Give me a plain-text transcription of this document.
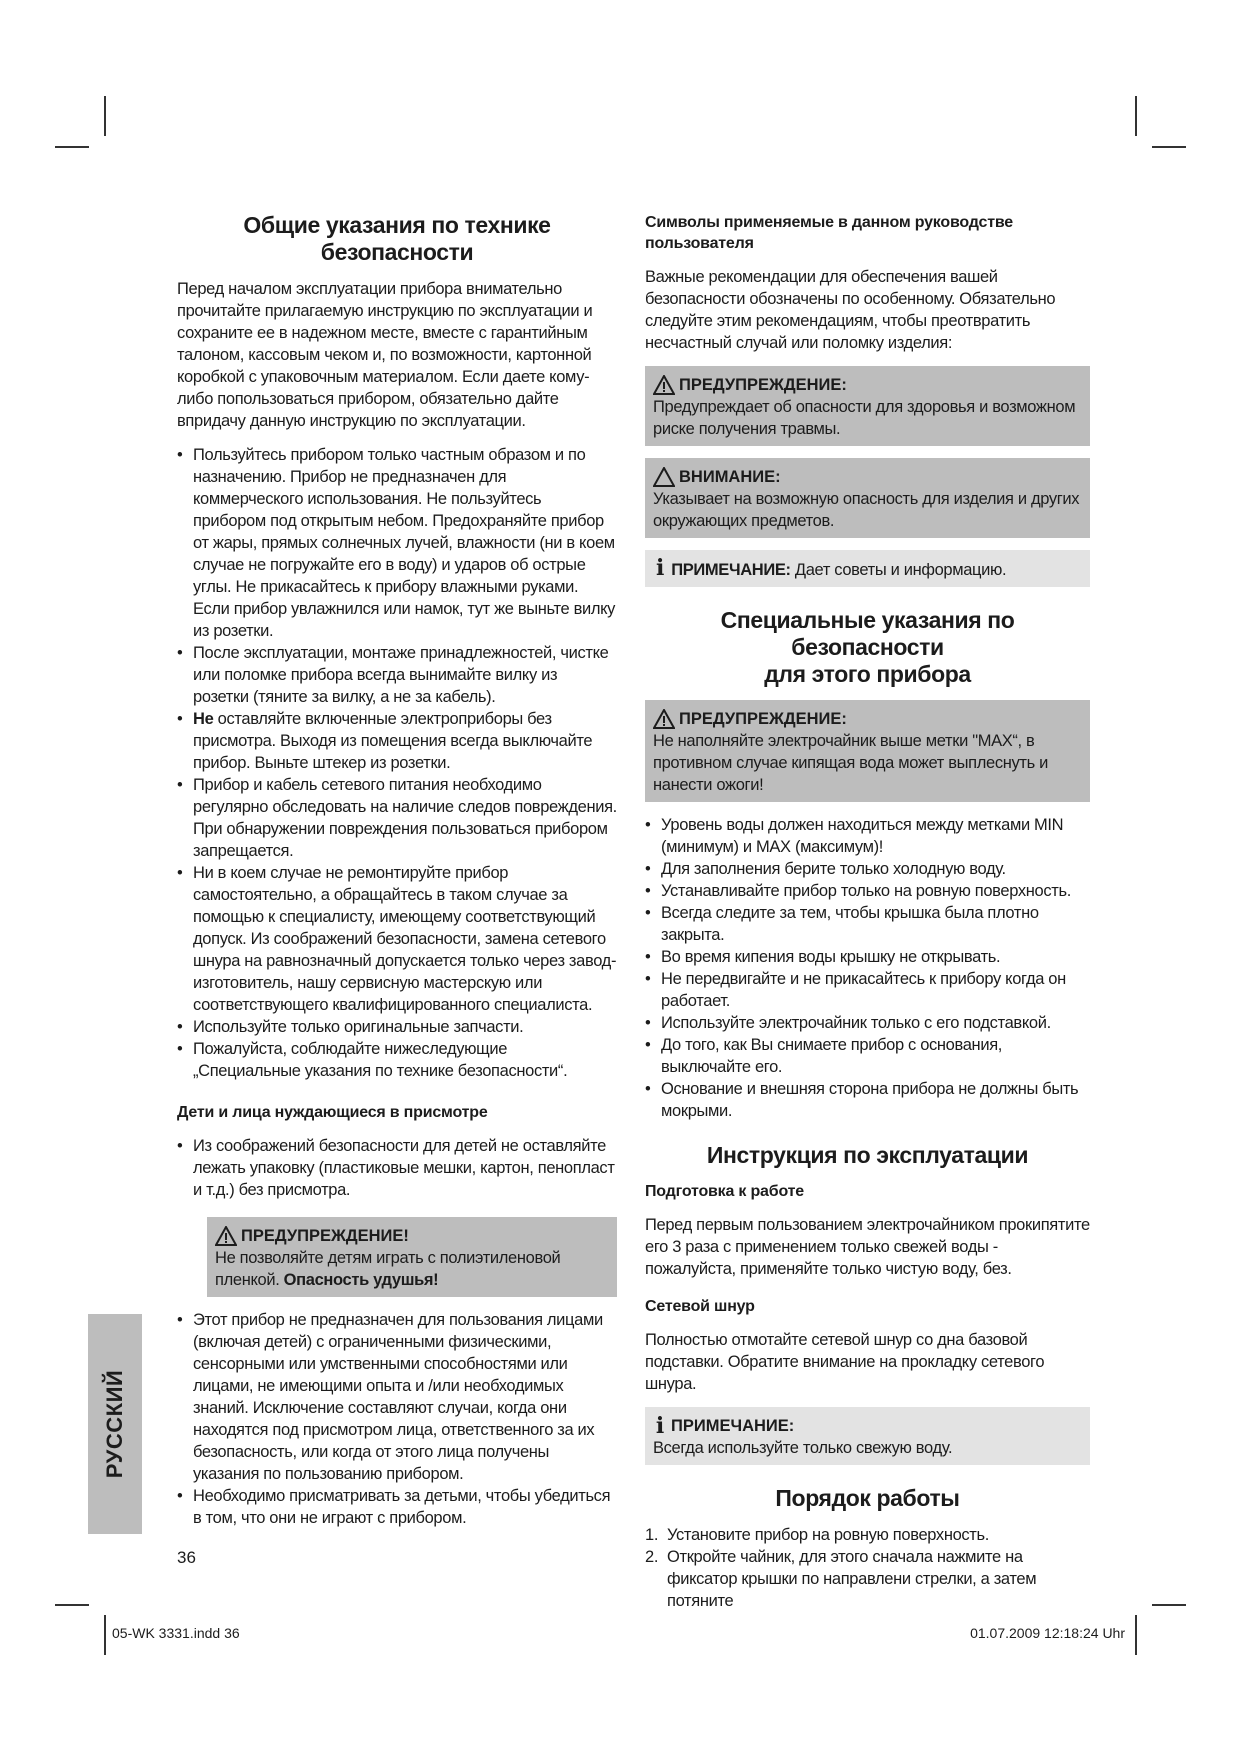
Общие указания по технике безопасности
Перед началом эксплуатации прибора внимательно прочитайте прилагаемую инструкцию по эксплуатации и сохраните ее в надежном месте, вместе с гарантийным талоном, кассовым чеком и, по возможности, картонной коробкой с упаковочным материалом. Если даете кому-либо попользоваться прибором, обязательно дайте впридачу данную инструкцию по эксплуатации.
• Пользуйтесь прибором только частным образом и по назначению. Прибор не предназначен для коммерческого использования. Не пользуйтесь прибором под открытым небом. Предохраняйте прибор от жары, прямых солнечных лучей, влажности (ни в коем случае не погружайте его в воду) и ударов об острые углы. Не прикасайтесь к прибору влажными руками. Если прибор увлажнился или намок, тут же выньте вилку из розетки.
• После эксплуатации, монтаже принадлежностей, чистке или поломке прибора всегда вынимайте вилку из розетки (тяните за вилку, а не за кабель).
• Не оставляйте включенные электроприборы без присмотра. Выходя из помещения всегда выключайте прибор. Выньте штекер из розетки.
• Прибор и кабель сетевого питания необходимо регулярно обследовать на наличие следов повреждения. При обнаружении повреждения пользоваться прибором запрещается.
• Ни в коем случае не ремонтируйте прибор самостоятельно, а обращайтесь в таком случае за помощью к специалисту, имеющему соответствующий допуск. Из соображений безопасности, замена сетевого шнура на равнозначный допускается только через завод-изготовитель, нашу сервисную мастерскую или соответствующего квалифицированного специалиста.
• Используйте только оригинальные запчасти.
• Пожалуйста, соблюдайте нижеследующие „Специальные указания по технике безопасности“.
Дети и лица нуждающиеся в присмотре
• Из соображений безопасности для детей не оставляйте лежать упаковку (пластиковые мешки, картон, пенопласт и т.д.) без присмотра.
ПРЕДУПРЕЖДЕНИЕ!
Не позволяйте детям играть с полиэтиленовой пленкой. Опасность удушья!
• Этот прибор не предназначен для пользования лицами (включая детей) с ограниченными физическими, сенсорными или умственными способностями или лицами, не имеющими опыта и /или необходимых знаний. Исключение составляют случаи, когда они находятся под присмотром лица, ответственного за их безопасность, или когда от этого лица получены указания по пользованию прибором.
• Необходимо присматривать за детьми, чтобы убедиться в том, что они не играют с прибором.
Символы применяемые в данном руководстве пользователя
Важные рекомендации для обеспечения вашей безопасности обозначены по особенному. Обязательно следуйте этим рекомендациям, чтобы преотвратить несчастный случай или поломку изделия:
ПРЕДУПРЕЖДЕНИЕ:
Предупреждает об опасности для здоровья и возможном риске получения травмы.
ВНИМАНИЕ:
Указывает на возможную опасность для изделия и других окружающих предметов.
i ПРИМЕЧАНИЕ: Дает советы и информацию.
Специальные указания по безопасности
для этого прибора
ПРЕДУПРЕЖДЕНИЕ:
Не наполняйте электрочайник выше метки "MAX“, в противном случае кипящая вода может выплеснуть и нанести ожоги!
• Уровень воды должен находиться между метками MIN (минимум) и MAX (максимум)!
• Для заполнения берите только холодную воду.
• Устанавливайте прибор только на ровную поверхность.
• Всегда следите за тем, чтобы крышка была плотно закрыта.
• Во время кипения воды крышку не открывать.
• Не передвигайте и не прикасайтесь к прибору когда он работает.
• Используйте электрочайник только с его подставкой.
• До того, как Вы снимаете прибор с основания, выключайте его.
• Основание и внешняя сторона прибора не должны быть мокрыми.
Инструкция по эксплуатации
Подготовка к работе
Перед первым пользованием электрочайником прокипятите его 3 раза с применением только свежей воды - пожалуйста, применяйте только чистую воду, без.
Сетевой шнур
Полностью отмотайте сетевой шнур со дна базовой подставки. Обратите внимание на прокладку сетевого шнура.
i ПРИМЕЧАНИЕ:
Всегда используйте только свежую воду.
Порядок работы
1. Установите прибор на ровную поверхность.
2. Откройте чайник, для этого сначала нажмите на фиксатор крышки по направлени стрелки, а затем потяните
РУССКИЙ
36
05-WK 3331.indd 36	01.07.2009 12:18:24 Uhr
